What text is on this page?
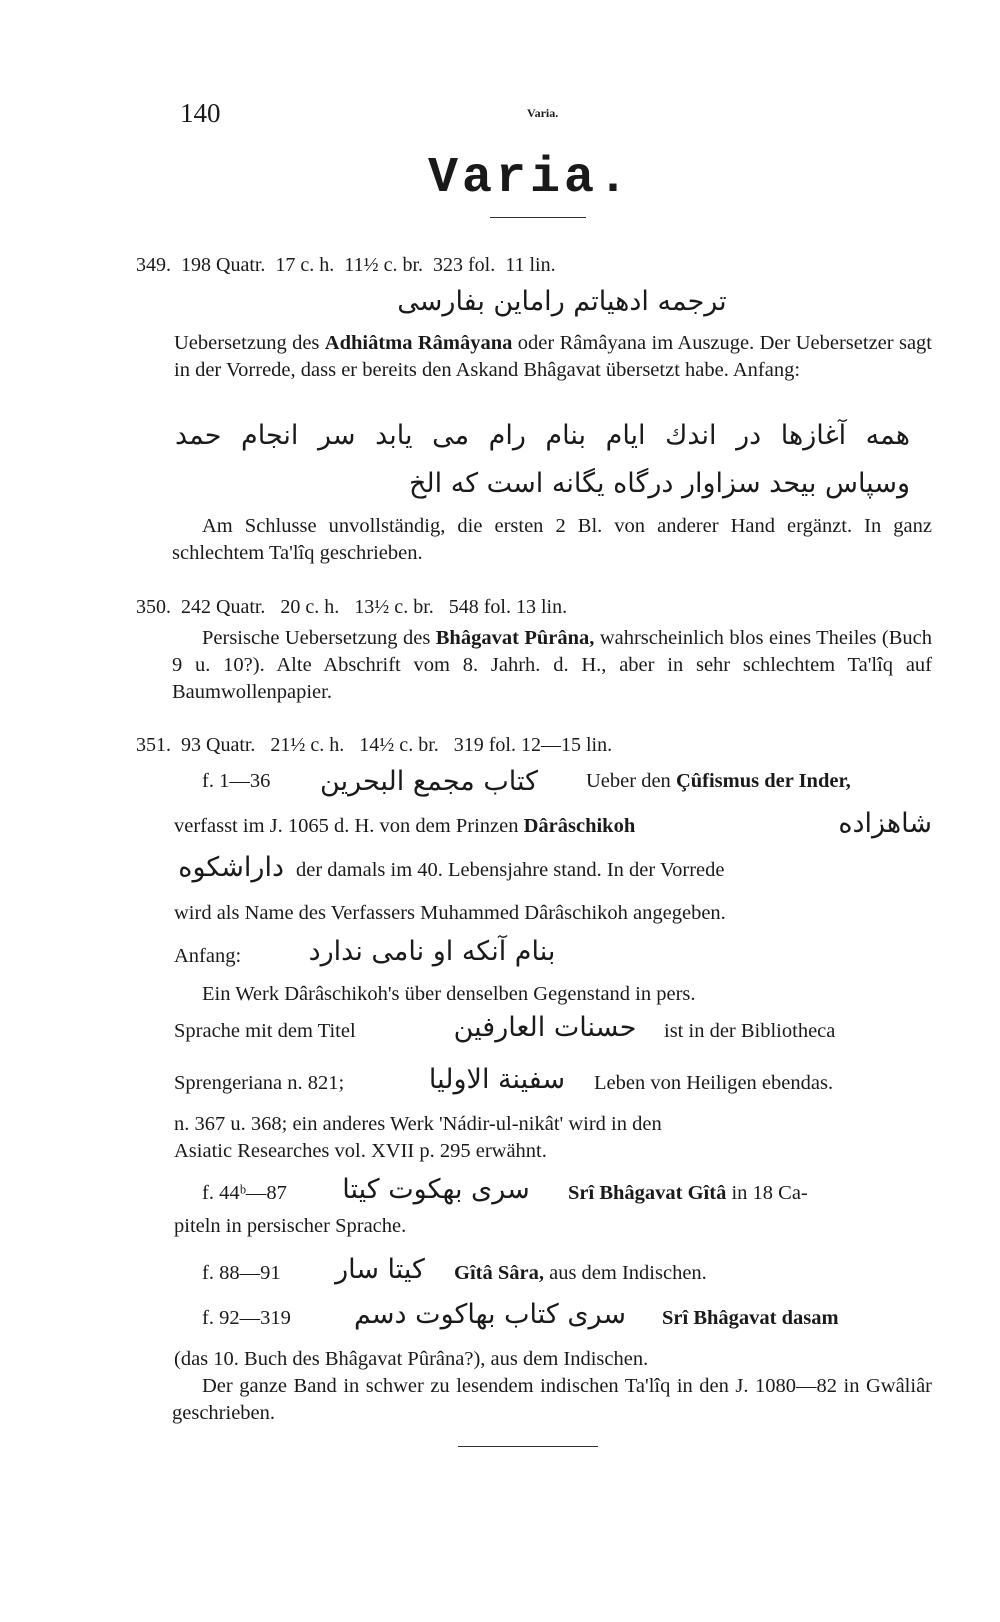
140	Varia.
Varia.
349.  198 Quatr.  17 c. h.  11½ c. br.  323 fol.  11 lin.
ترجمه ادهیاتم راماین بفارسی
Uebersetzung des Adhiâtma Râmâyana oder Râmâyana im Auszuge. Der Uebersetzer sagt in der Vorrede, dass er bereits den Askand Bhâgavat übersetzt habe. Anfang:
همه آغازها در اندك ایام بنام رام می یابد سر انجام حمد
وسپاس بیحد سزاوار درگاه یگانه است كه الخ
Am Schlusse unvollständig, die ersten 2 Bl. von anderer Hand ergänzt. In ganz schlechtem Ta'lîq geschrieben.
350.  242 Quatr.   20 c. h.   13½ c. br.   548 fol. 13 lin.
Persische Uebersetzung des Bhâgavat Pûrâna, wahrscheinlich blos eines Theiles (Buch 9 u. 10?). Alte Abschrift vom 8. Jahrh. d. H., aber in sehr schlechtem Ta'lîq auf Baumwollenpapier.
351.  93 Quatr.   21½ c. h.   14½ c. br.   319 fol. 12—15 lin.
f. 1—36	كتاب مجمع البحرين	Ueber den Çûfismus der Inder,
verfasst im J. 1065 d. H. von dem Prinzen Dârâschikoh	شاهزاده
داراشكوه der damals im 40. Lebensjahre stand. In der Vorrede
wird als Name des Verfassers Muhammed Dârâschikoh angegeben.
Anfang:	بنام آنكه او نامی ندارد
Ein Werk Dârâschikoh's über denselben Gegenstand in pers.
Sprache mit dem Titel	حسنات العارفین	ist in der Bibliotheca
Sprengeriana n. 821;	سفینة الاولیا	Leben von Heiligen ebendas.
n. 367 u. 368; ein anderes Werk 'Nádir-ul-nikât' wird in den
Asiatic Researches vol. XVII p. 295 erwähnt.
f. 44ᵇ—87	سری بهكوت كیتا	Srî Bhâgavat Gîtâ in 18 Ca-
piteln in persischer Sprache.
f. 88—91	كیتا سار	Gîtâ Sâra, aus dem Indischen.
f. 92—319	سری كتاب بهاكوت دسم	Srî Bhâgavat dasam
(das 10. Buch des Bhâgavat Pûrâna?), aus dem Indischen.
Der ganze Band in schwer zu lesendem indischen Ta'lîq in den J. 1080—82 in Gwâliâr geschrieben.
